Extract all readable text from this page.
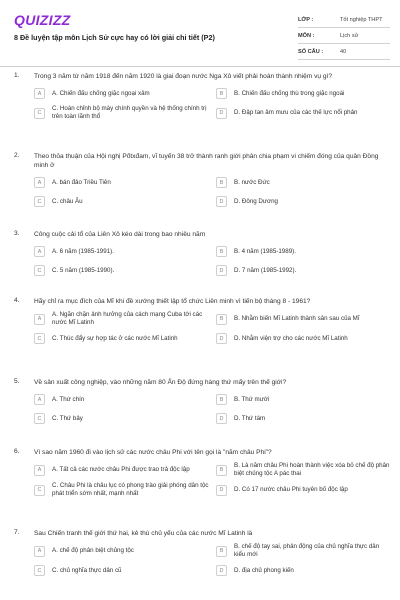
QUIZIZZ
8 Đề luyện tập môn Lịch Sử cực hay có lời giải chi tiết (P2)
LỚP :	Tốt nghiệp THPT
MÔN :	Lịch sử
SỐ CÂU :	40
1. Trong 3 năm từ năm 1918 đến năm 1920 là giai đoạn nước Nga Xô viết phải hoàn thành nhiệm vụ gì?
A	A. Chiến đấu chống giặc ngoại xâm	B	B. Chiến đấu chống thù trong giặc ngoài
C
C. Hoàn chỉnh bộ máy chính quyền và hệ thống chính trị trên toàn lãnh thổ	D	D. Đập tan âm mưu của các thế lực nổi phản
2. Theo thỏa thuận của Hội nghị Pốtxđam, vĩ tuyến 38 trở thành ranh giới phân chia phạm vi chiếm đóng của quân Đồng minh ở
A	A. bán đảo Triều Tiên	B	B. nước Đức
C	C. châu Âu	D	D. Đông Dương
3. Công cuộc cải tổ của Liên Xô kéo dài trong bao nhiêu năm
A	A. 6 năm (1985-1991).	B	B. 4 năm (1985-1989).
C	C. 5 năm (1985-1990).	D	D. 7 năm (1985-1992).
4. Hãy chỉ ra mục đích của Mĩ khi đề xướng thiết lập tổ chức Liên minh vì tiến bộ tháng 8 - 1961?
A
A. Ngăn chặn ảnh hưởng của cách mạng Cuba tới các nước Mĩ Latinh	B	B. Nhằm biến Mĩ Latinh thành sân sau của Mĩ
C	C. Thúc đẩy sự hợp tác ở các nước Mĩ Latinh	D	D. Nhằm viện trợ cho các nước Mĩ Latinh
5. Về sản xuất công nghiệp, vào những năm 80 Ấn Độ đứng hàng thứ mấy trên thế giới?
A	A. Thứ chín	B	B. Thứ mười
C	C. Thứ bảy	D	D. Thứ tám
6. Vì sao năm 1960 đi vào lịch sử các nước châu Phi với tên gọi là "năm châu Phi"?
A	A. Tất cả các nước châu Phi được trao trả độc lập	B
B. Là năm châu Phi hoàn thành việc xóa bỏ chế độ phân biệt chủng tộc A pác thai
C
C. Châu Phi là châu lục có phong trào giải phóng dân tộc phát triển sớm nhất, mạnh nhất	D	D. Có 17 nước châu Phi tuyên bố độc lập
7. Sau Chiến tranh thế giới thứ hai, kẻ thù chủ yếu của các nước Mĩ Latinh là
A	A. chế độ phân biệt chủng tộc	B
B. chế độ tay sai, phản động của chủ nghĩa thực dân kiểu mới
C	C. chủ nghĩa thực dân cũ	D	D. địa chủ phong kiến
